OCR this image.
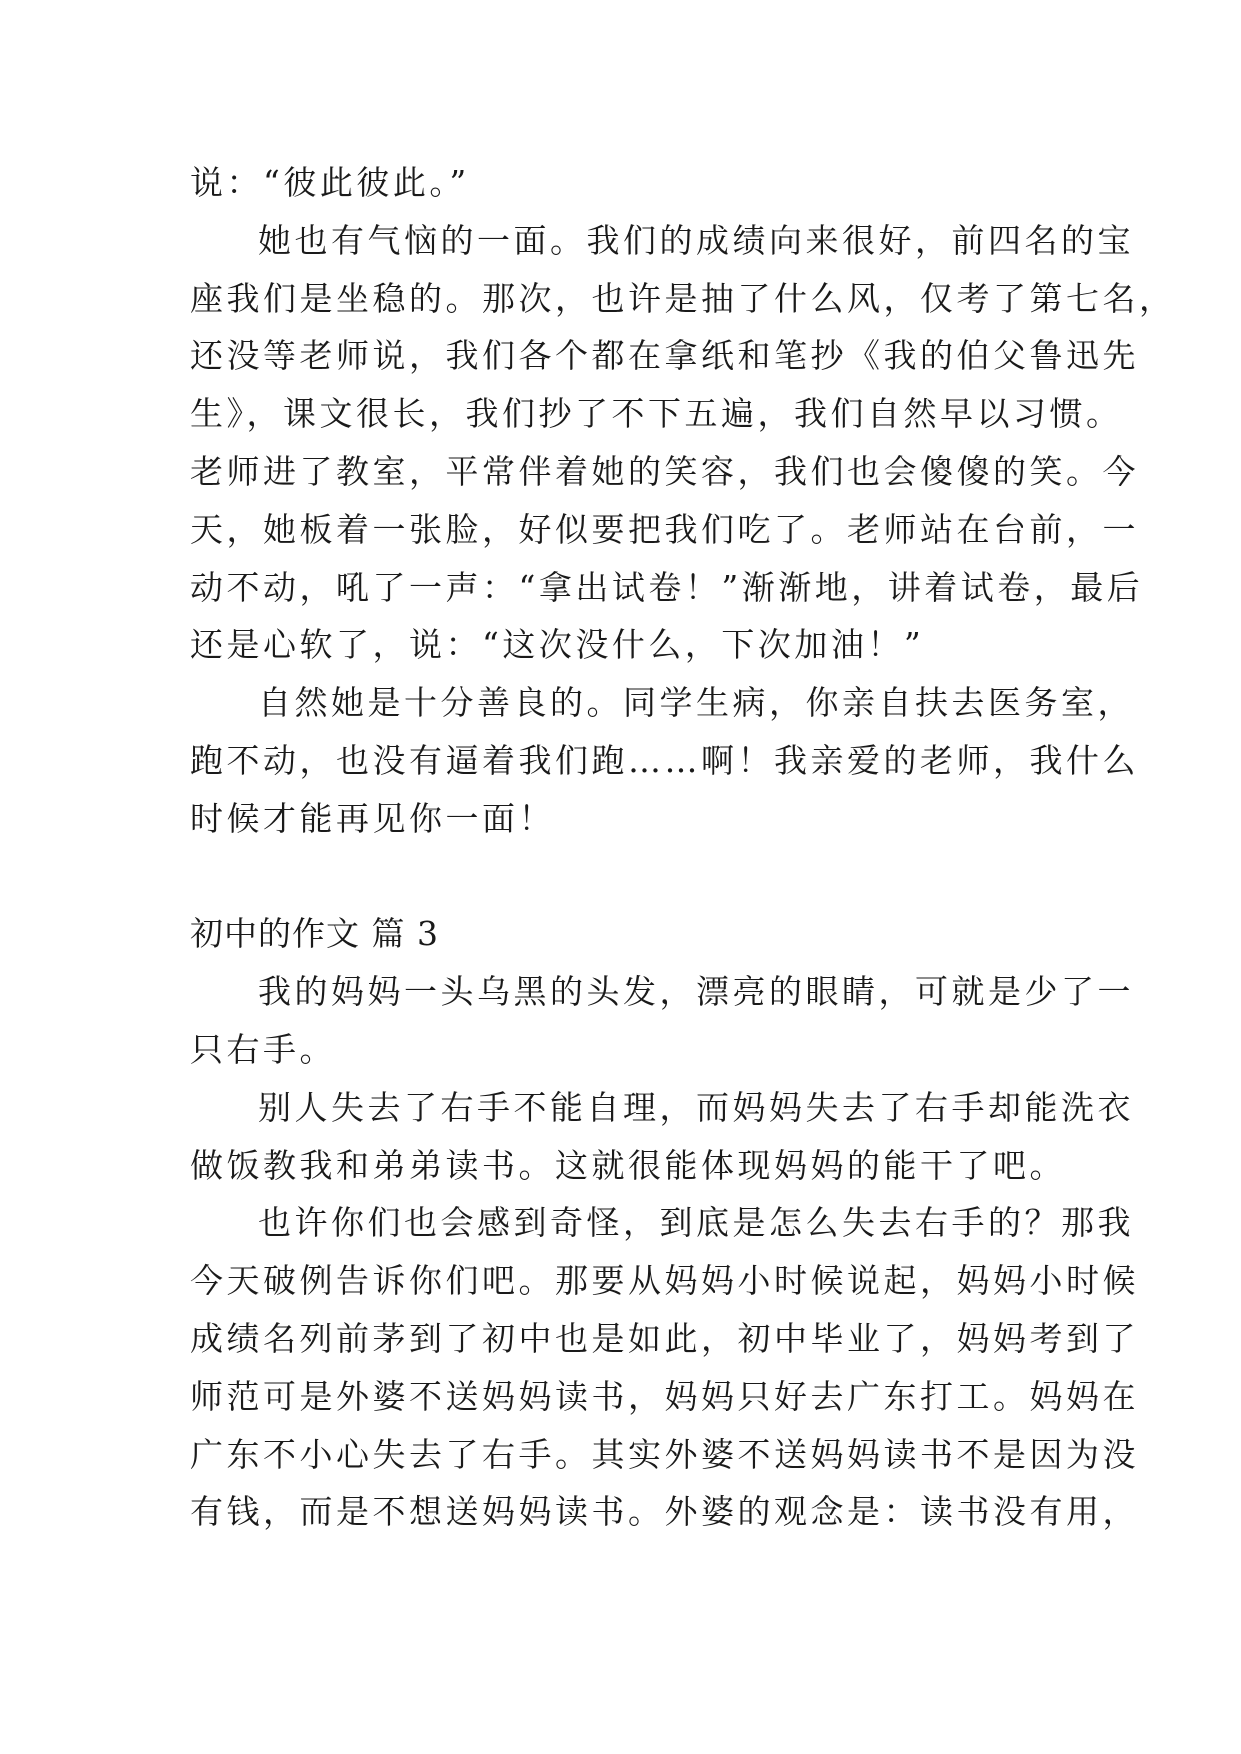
说：“彼此彼此。”
她也有气恼的一面。我们的成绩向来很好，前四名的宝
座我们是坐稳的。那次，也许是抽了什么风，仅考了第七名，
还没等老师说，我们各个都在拿纸和笔抄《我的伯父鲁迅先
生》，课文很长，我们抄了不下五遍，我们自然早以习惯。
老师进了教室，平常伴着她的笑容，我们也会傻傻的笑。今
天，她板着一张脸，好似要把我们吃了。老师站在台前，一
动不动，吼了一声：“拿出试卷！”渐渐地，讲着试卷，最后
还是心软了，说：“这次没什么，下次加油！”
自然她是十分善良的。同学生病，你亲自扶去医务室，
跑不动，也没有逼着我们跑……啊！我亲爱的老师，我什么
时候才能再见你一面！
初中的作文 篇 3
我的妈妈一头乌黑的头发，漂亮的眼睛，可就是少了一
只右手。
别人失去了右手不能自理，而妈妈失去了右手却能洗衣
做饭教我和弟弟读书。这就很能体现妈妈的能干了吧。
也许你们也会感到奇怪，到底是怎么失去右手的？那我
今天破例告诉你们吧。那要从妈妈小时候说起，妈妈小时候
成绩名列前茅到了初中也是如此，初中毕业了，妈妈考到了
师范可是外婆不送妈妈读书，妈妈只好去广东打工。妈妈在
广东不小心失去了右手。其实外婆不送妈妈读书不是因为没
有钱，而是不想送妈妈读书。外婆的观念是：读书没有用，
